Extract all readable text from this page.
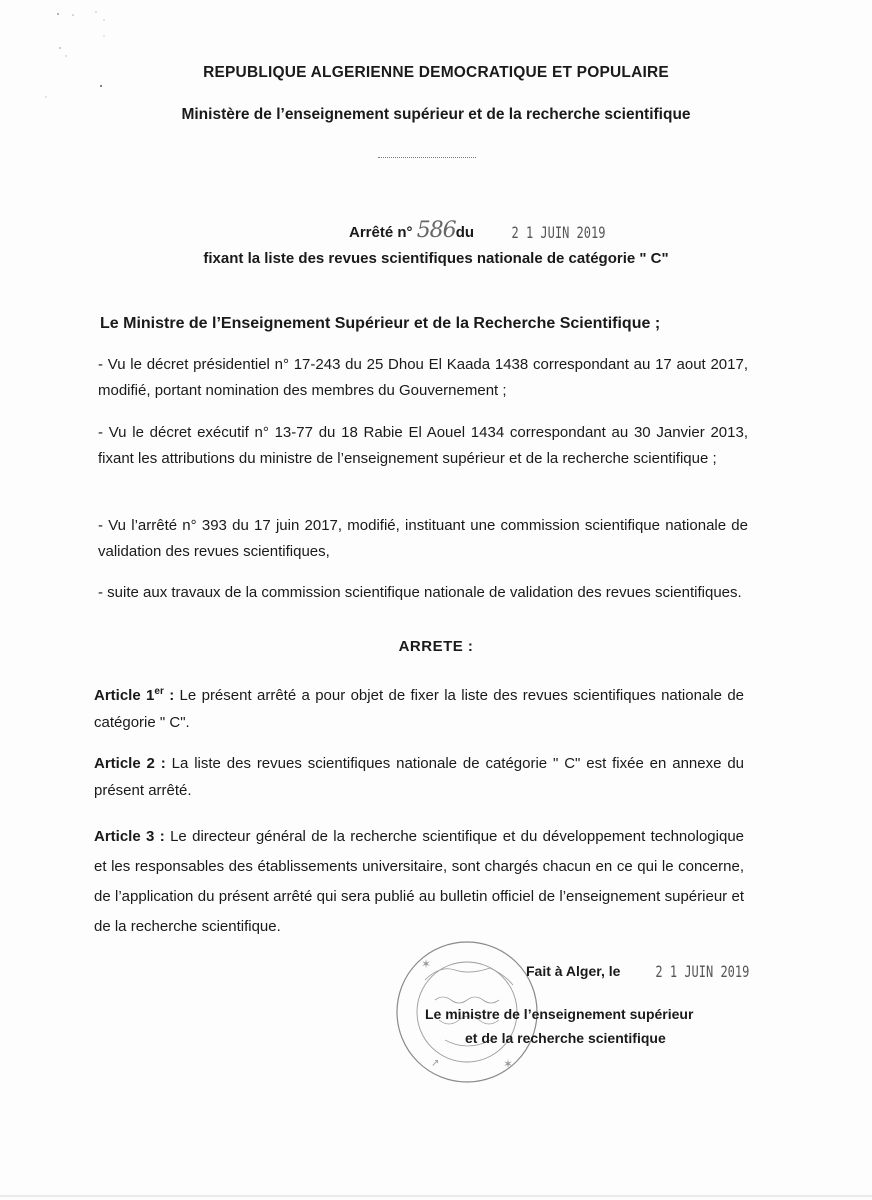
REPUBLIQUE ALGERIENNE DEMOCRATIQUE ET POPULAIRE
Ministère de l’enseignement supérieur et de la recherche scientifique
Arrêté n° 586du	2 1 JUIN 2019
fixant la liste des revues scientifiques nationale de catégorie " C"
Le Ministre de l’Enseignement Supérieur et de la Recherche Scientifique ;
- Vu le décret présidentiel n° 17-243 du 25 Dhou El Kaada 1438 correspondant au 17 aout 2017, modifié, portant nomination des membres du Gouvernement ;
- Vu le décret exécutif n° 13-77 du 18 Rabie El Aouel 1434 correspondant au 30 Janvier 2013, fixant les attributions du ministre de l’enseignement supérieur et de la recherche scientifique ;
- Vu l’arrêté n° 393 du 17 juin 2017, modifié, instituant une commission scientifique nationale de validation des revues scientifiques,
- suite aux travaux de la commission scientifique nationale de validation des revues scientifiques.
ARRETE :
Article 1er : Le présent arrêté a pour objet de fixer la liste des revues scientifiques nationale de catégorie " C".
Article 2 : La liste des revues scientifiques nationale de catégorie " C" est fixée en annexe du présent arrêté.
Article 3 : Le directeur général de la recherche scientifique et du développement technologique et les responsables des établissements universitaire, sont chargés chacun en ce qui le concerne, de l’application du présent arrêté qui sera publié au bulletin officiel de l’enseignement supérieur et de la recherche scientifique.
✶
✶
↗
Fait à Alger, le	2 1 JUIN 2019
Le ministre de l’enseignement supérieur
et de la recherche scientifique
